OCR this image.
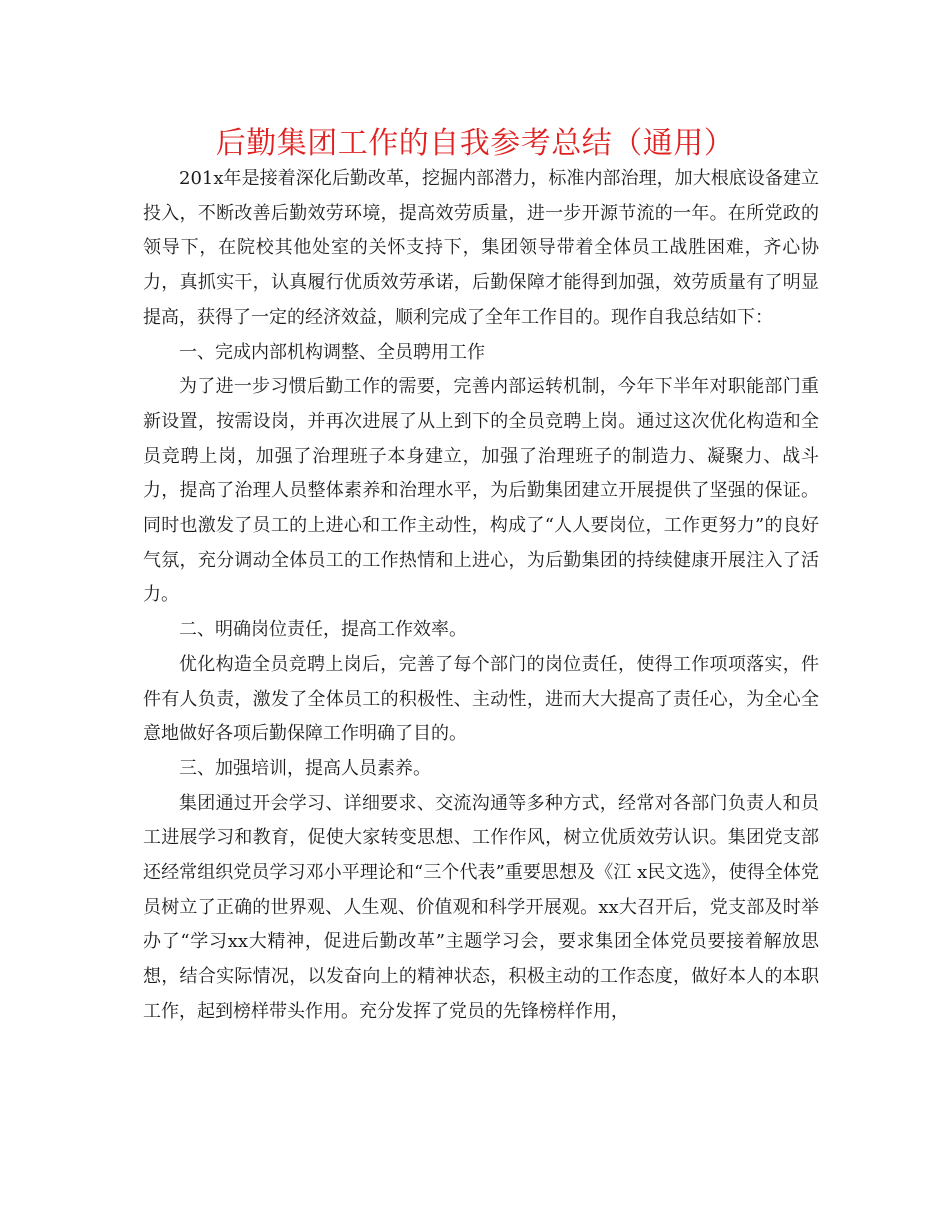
后勤集团工作的自我参考总结（通用）

201x年是接着深化后勤改革，挖掘内部潜力，标准内部治理，加大根底设备建立投入，不断改善后勤效劳环境，提高效劳质量，进一步开源节流的一年。在所党政的领导下，在院校其他处室的关怀支持下，集团领导带着全体员工战胜困难，齐心协力，真抓实干，认真履行优质效劳承诺，后勤保障才能得到加强，效劳质量有了明显提高，获得了一定的经济效益，顺利完成了全年工作目的。现作自我总结如下：

一、完成内部机构调整、全员聘用工作

为了进一步习惯后勤工作的需要，完善内部运转机制，今年下半年对职能部门重新设置，按需设岗，并再次进展了从上到下的全员竞聘上岗。通过这次优化构造和全员竞聘上岗，加强了治理班子本身建立，加强了治理班子的制造力、凝聚力、战斗力，提高了治理人员整体素养和治理水平，为后勤集团建立开展提供了坚强的保证。同时也激发了员工的上进心和工作主动性，构成了“人人要岗位，工作更努力”的良好气氛，充分调动全体员工的工作热情和上进心，为后勤集团的持续健康开展注入了活力。

二、明确岗位责任，提高工作效率。

优化构造全员竞聘上岗后，完善了每个部门的岗位责任，使得工作项项落实，件件有人负责，激发了全体员工的积极性、主动性，进而大大提高了责任心，为全心全意地做好各项后勤保障工作明确了目的。

三、加强培训，提高人员素养。

集团通过开会学习、详细要求、交流沟通等多种方式，经常对各部门负责人和员工进展学习和教育，促使大家转变思想、工作作风，树立优质效劳认识。集团党支部还经常组织党员学习邓小平理论和“三个代表”重要思想及《江 x民文选》，使得全体党员树立了正确的世界观、人生观、价值观和科学开展观。xx大召开后，党支部及时举办了“学习xx大精神，促进后勤改革”主题学习会，要求集团全体党员要接着解放思想，结合实际情况，以发奋向上的精神状态，积极主动的工作态度，做好本人的本职工作，起到榜样带头作用。充分发挥了党员的先锋榜样作用，
